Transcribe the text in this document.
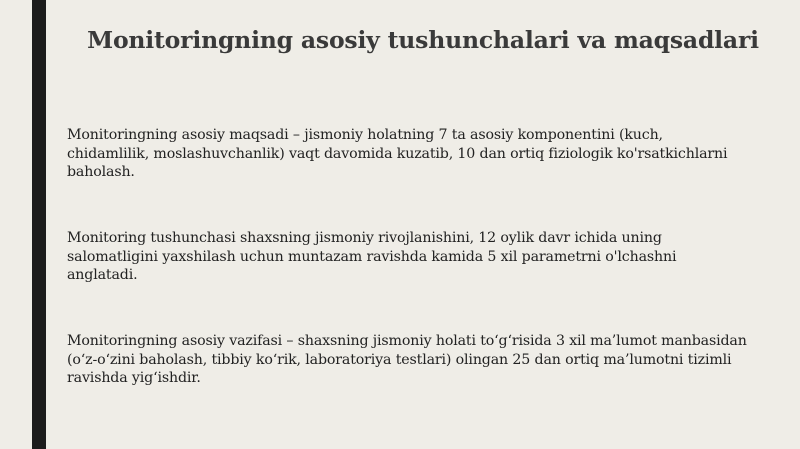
Monitoringning asosiy tushunchalari va maqsadlari
Monitoringning asosiy maqsadi – jismoniy holatning 7 ta asosiy komponentini (kuch,
chidamlilik, moslashuvchanlik) vaqt davomida kuzatib, 10 dan ortiq fiziologik ko'rsatkichlarni
baholash.
Monitoring tushunchasi shaxsning jismoniy rivojlanishini, 12 oylik davr ichida uning
salomatligini yaxshilash uchun muntazam ravishda kamida 5 xil parametrni o'lchashni
anglatadi.
Monitoringning asosiy vazifasi – shaxsning jismoniy holati to‘g‘risida 3 xil ma’lumot manbasidan
(o‘z-o‘zini baholash, tibbiy ko‘rik, laboratoriya testlari) olingan 25 dan ortiq ma’lumotni tizimli
ravishda yig‘ishdir.
